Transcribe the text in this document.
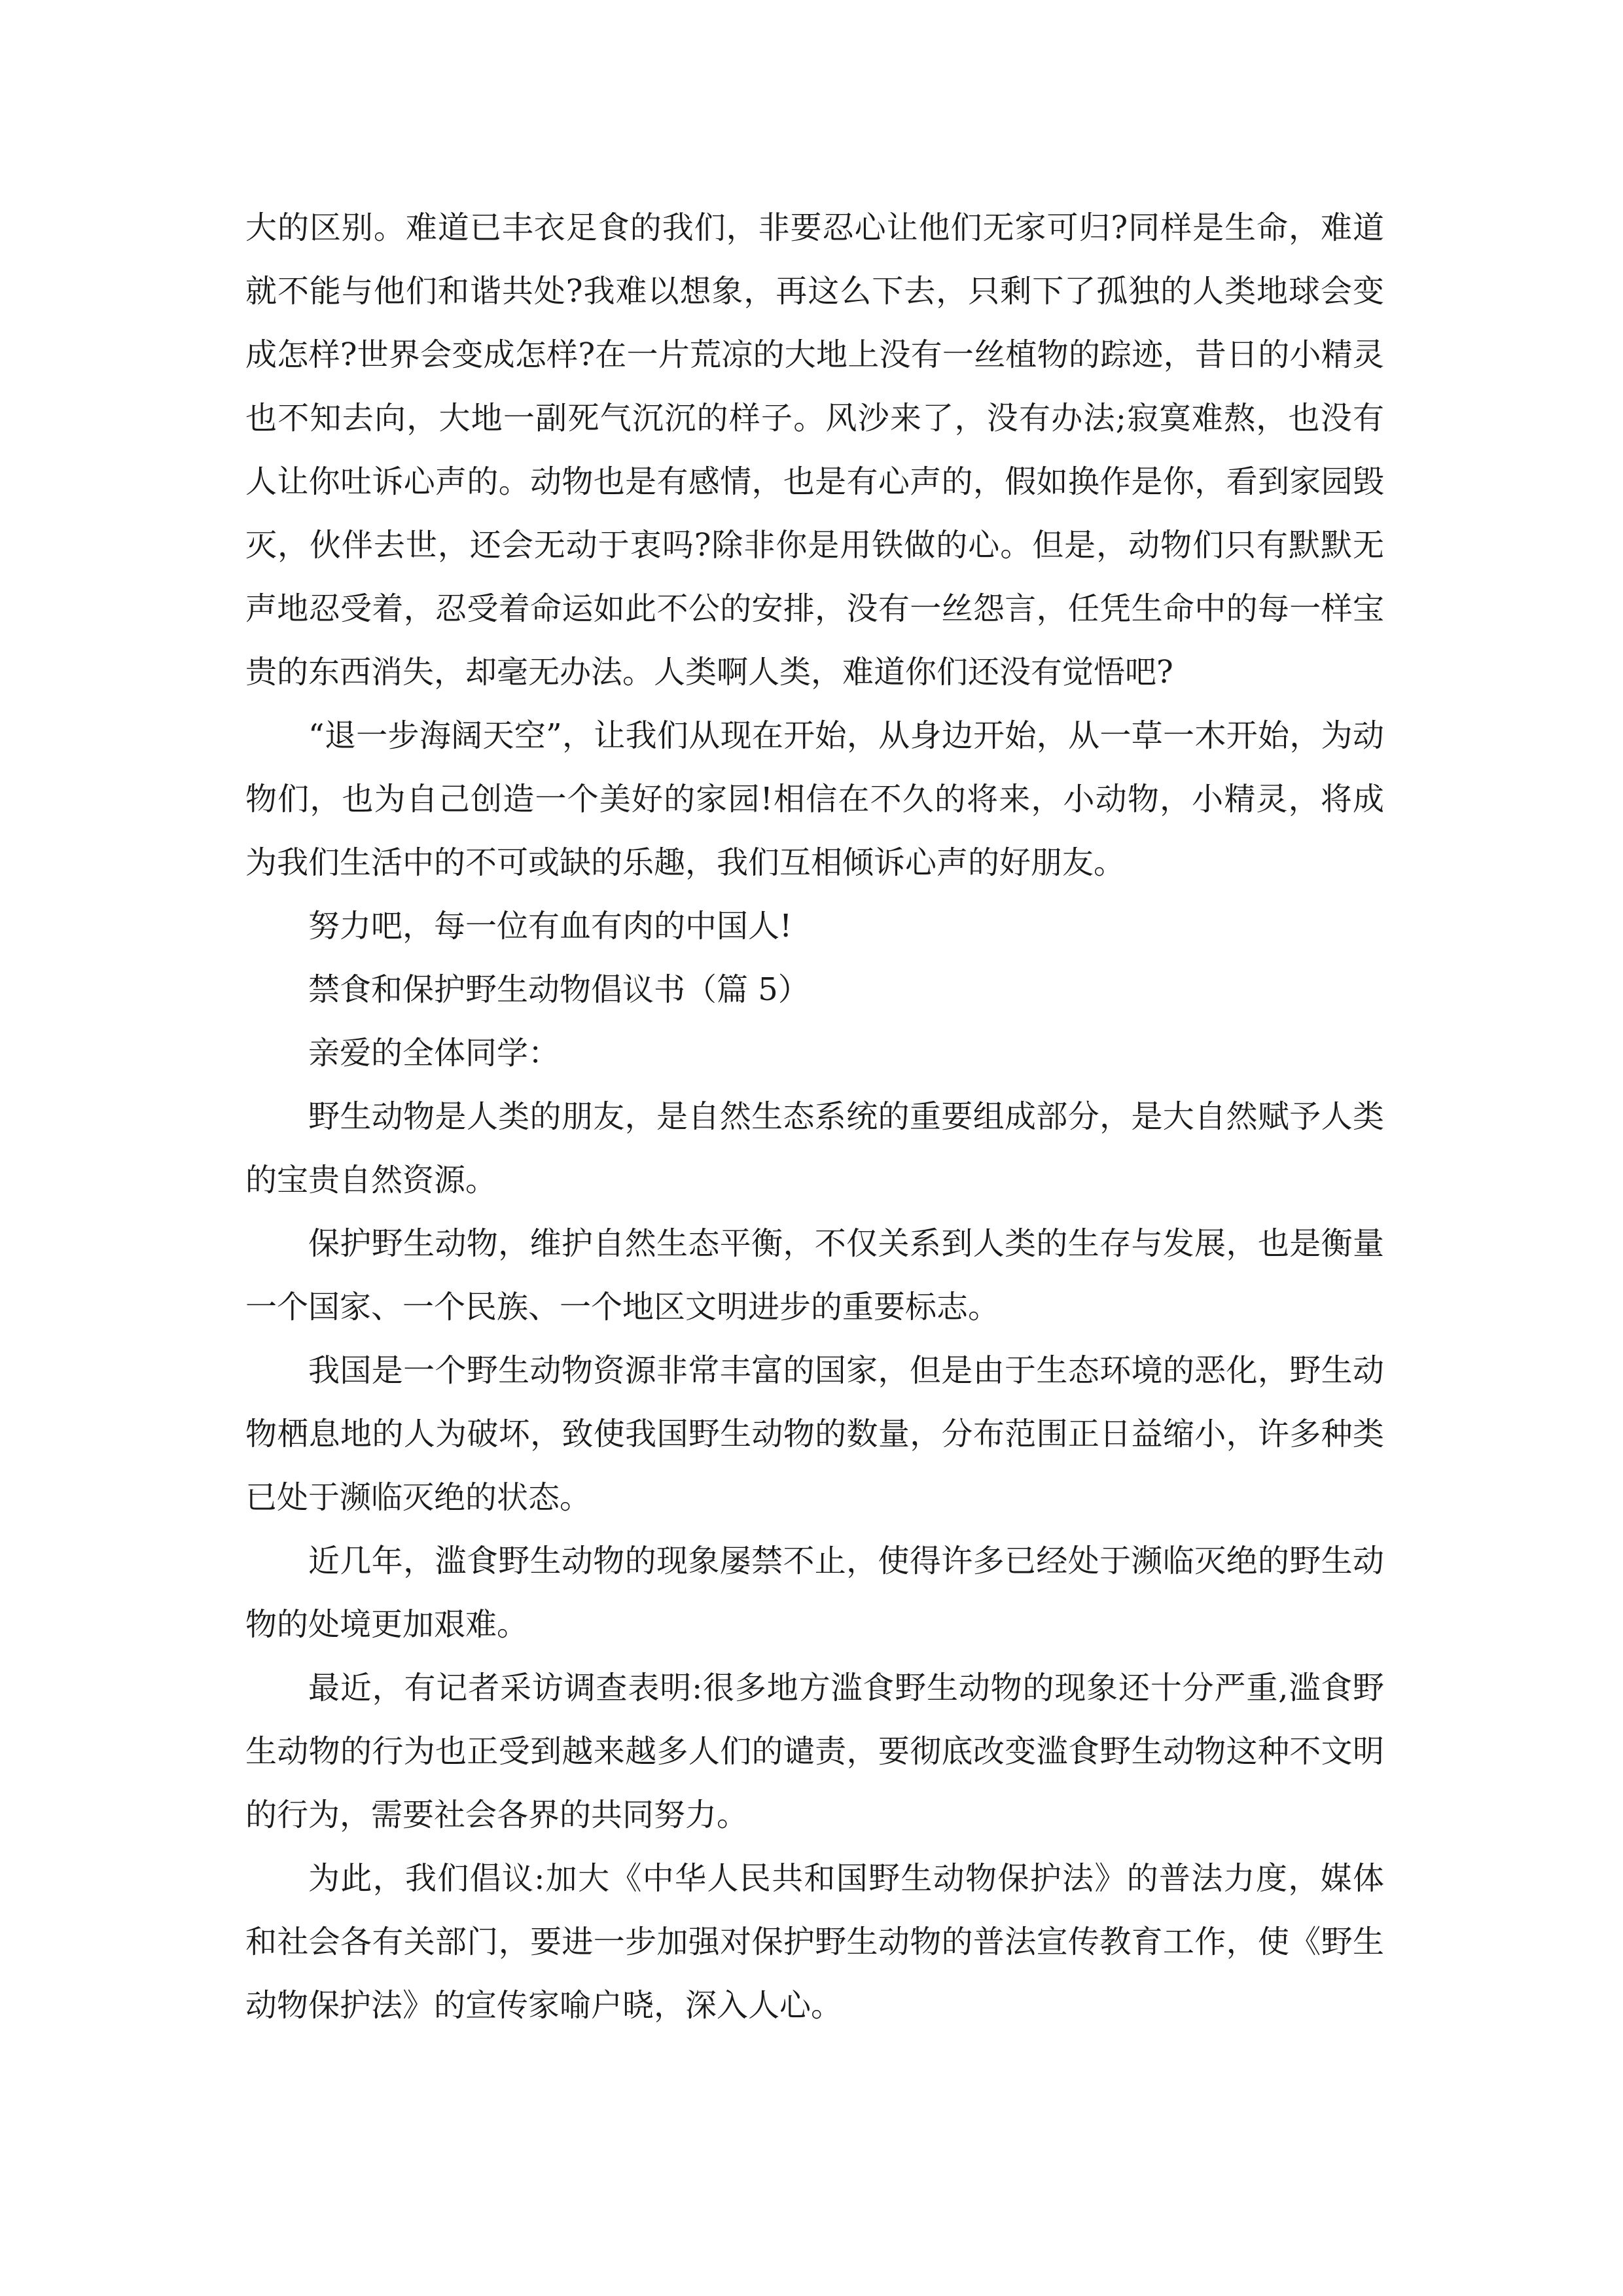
大的区别。难道已丰衣足食的我们，非要忍心让他们无家可归?同样是生命，难道就不能与他们和谐共处?我难以想象，再这么下去，只剩下了孤独的人类地球会变成怎样?世界会变成怎样?在一片荒凉的大地上没有一丝植物的踪迹，昔日的小精灵也不知去向，大地一副死气沉沉的样子。风沙来了，没有办法;寂寞难熬，也没有人让你吐诉心声的。动物也是有感情，也是有心声的，假如换作是你，看到家园毁灭，伙伴去世，还会无动于衷吗?除非你是用铁做的心。但是，动物们只有默默无声地忍受着，忍受着命运如此不公的安排，没有一丝怨言，任凭生命中的每一样宝贵的东西消失，却毫无办法。人类啊人类，难道你们还没有觉悟吧?

“退一步海阔天空”，让我们从现在开始，从身边开始，从一草一木开始，为动物们，也为自己创造一个美好的家园!相信在不久的将来，小动物，小精灵，将成为我们生活中的不可或缺的乐趣，我们互相倾诉心声的好朋友。

努力吧，每一位有血有肉的中国人!

禁食和保护野生动物倡议书（篇 5）

亲爱的全体同学：

野生动物是人类的朋友，是自然生态系统的重要组成部分，是大自然赋予人类的宝贵自然资源。

保护野生动物，维护自然生态平衡，不仅关系到人类的生存与发展，也是衡量一个国家、一个民族、一个地区文明进步的重要标志。

我国是一个野生动物资源非常丰富的国家，但是由于生态环境的恶化，野生动物栖息地的人为破坏，致使我国野生动物的数量，分布范围正日益缩小，许多种类已处于濒临灭绝的状态。

近几年，滥食野生动物的现象屡禁不止，使得许多已经处于濒临灭绝的野生动物的处境更加艰难。

最近，有记者采访调查表明:很多地方滥食野生动物的现象还十分严重,滥食野生动物的行为也正受到越来越多人们的谴责，要彻底改变滥食野生动物这种不文明的行为，需要社会各界的共同努力。

为此，我们倡议:加大《中华人民共和国野生动物保护法》的普法力度，媒体和社会各有关部门，要进一步加强对保护野生动物的普法宣传教育工作，使《野生动物保护法》的宣传家喻户晓，深入人心。
